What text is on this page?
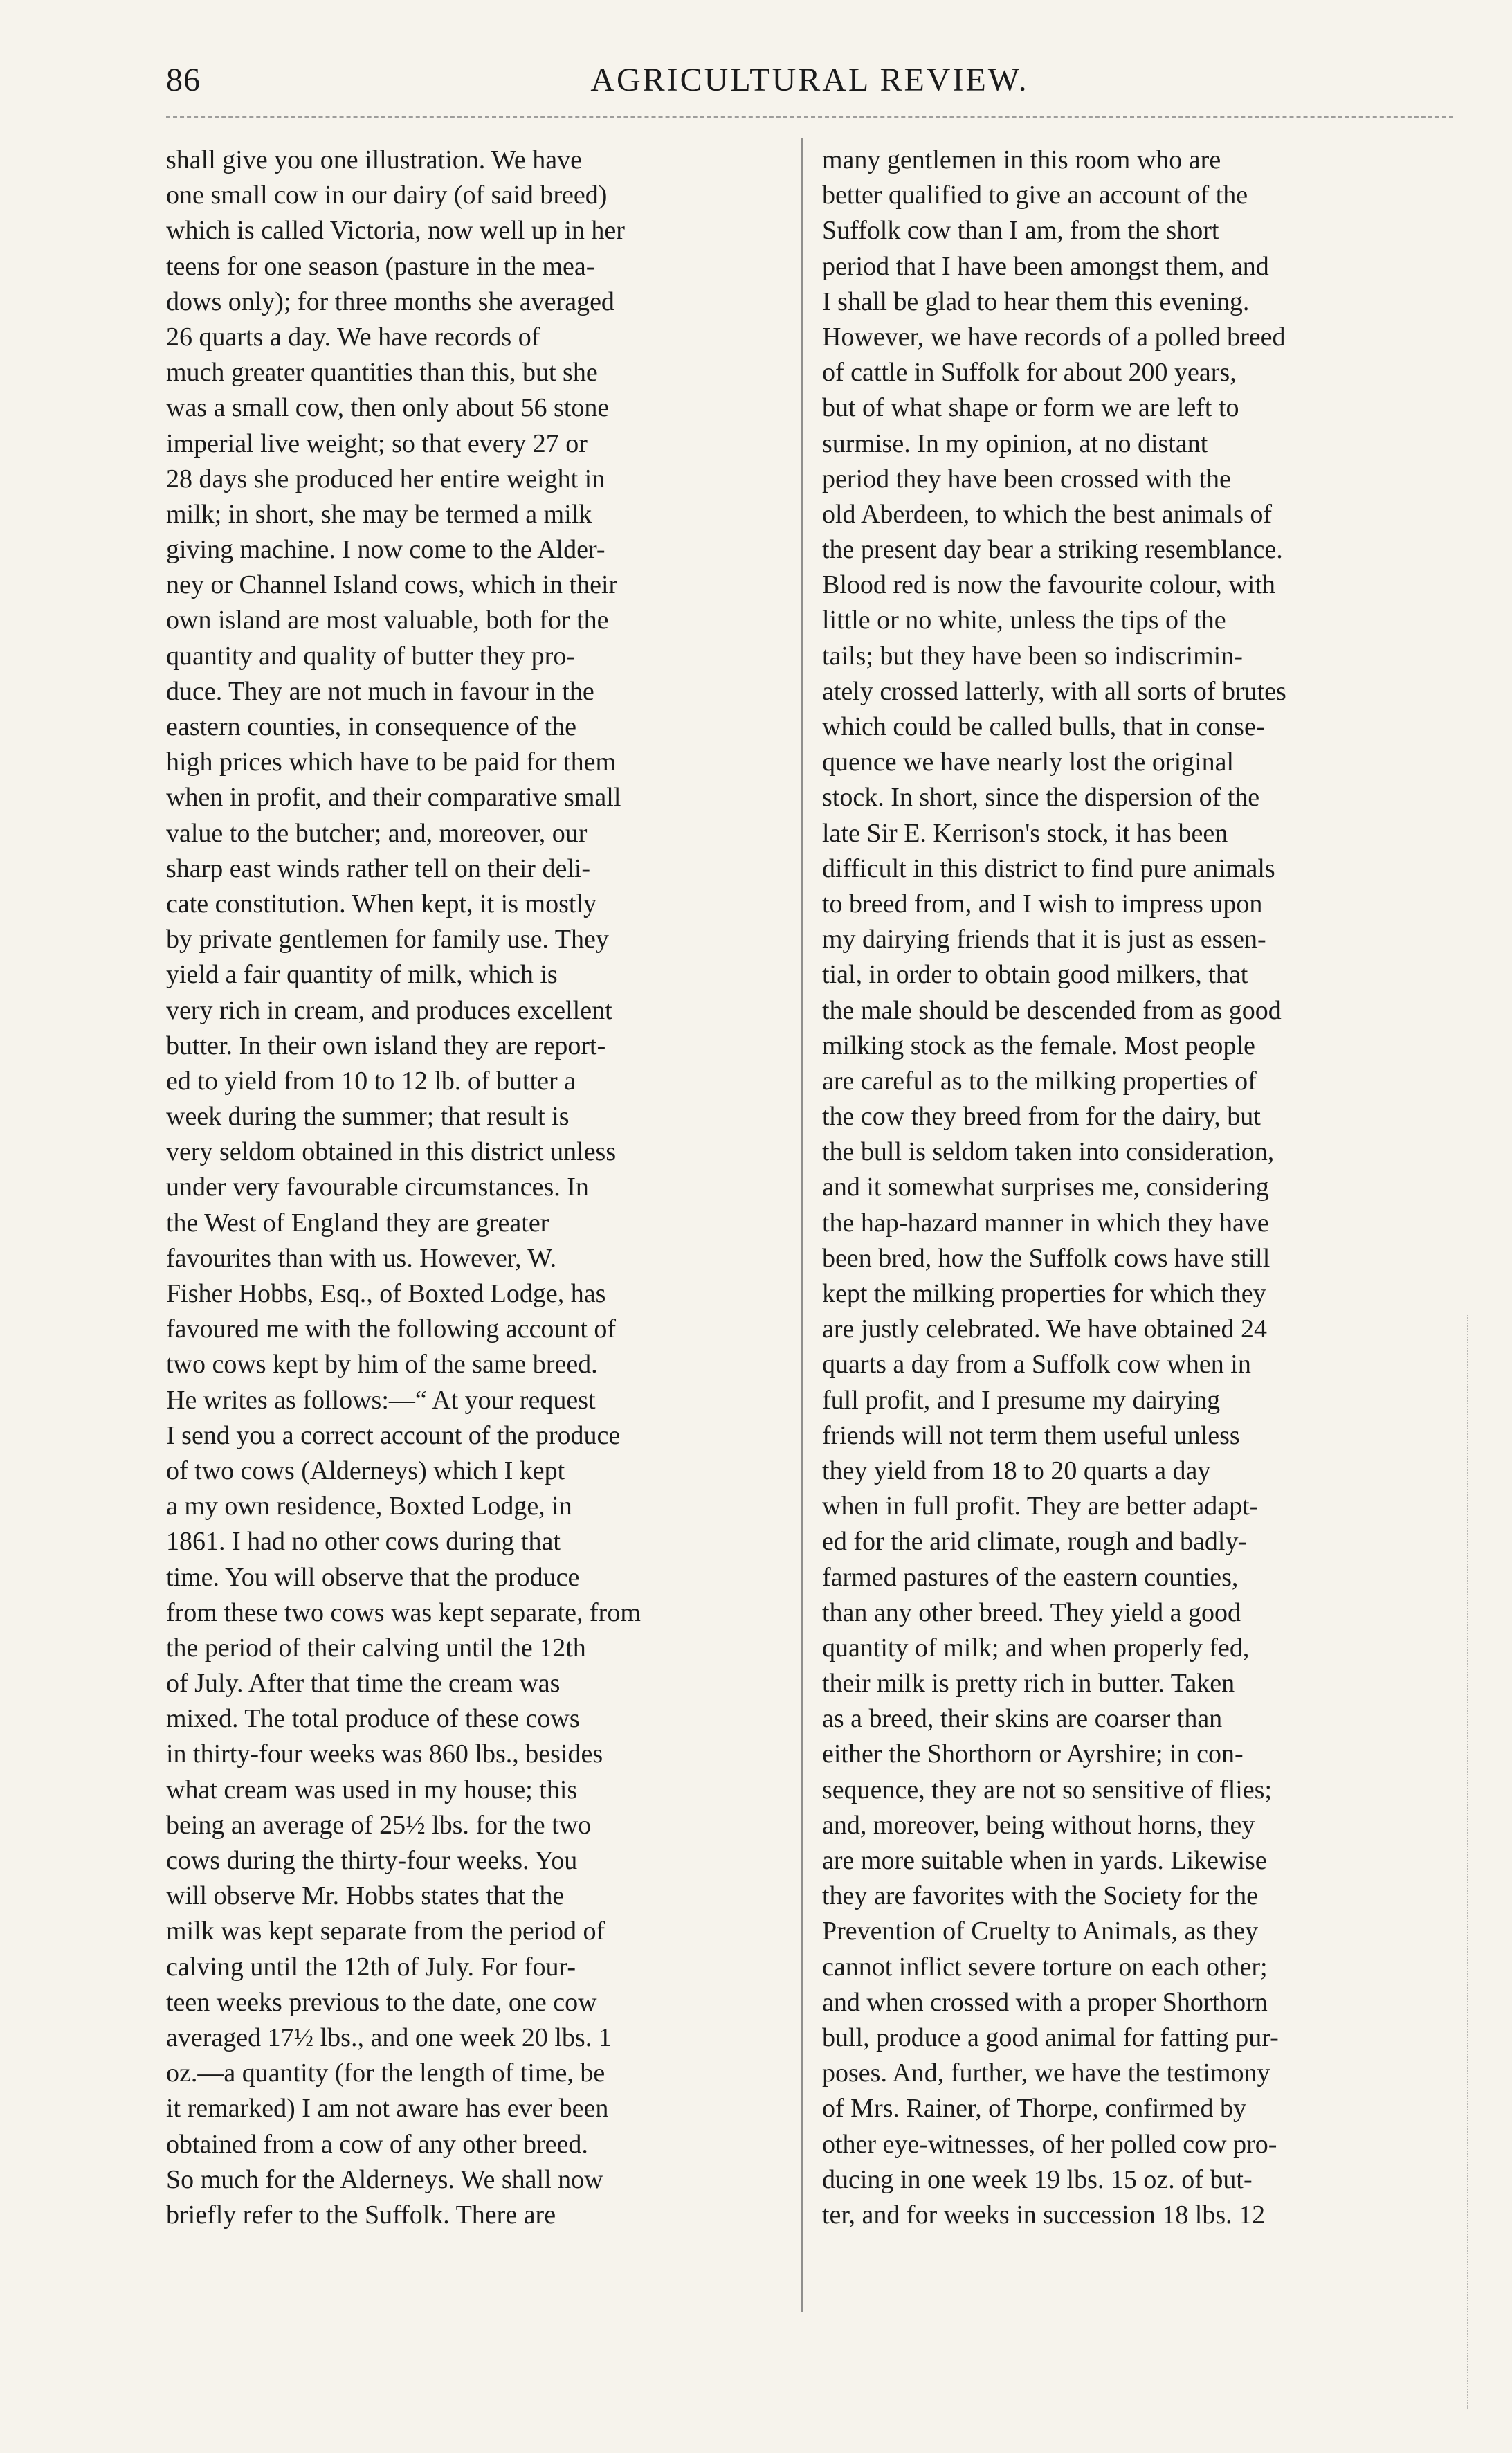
86	AGRICULTURAL REVIEW.
shall give you one illustration. We have
one small cow in our dairy (of said breed)
which is called Victoria, now well up in her
teens for one season (pasture in the mea-
dows only); for three months she averaged
26 quarts a day. We have records of
much greater quantities than this, but she
was a small cow, then only about 56 stone
imperial live weight; so that every 27 or
28 days she produced her entire weight in
milk; in short, she may be termed a milk
giving machine. I now come to the Alder-
ney or Channel Island cows, which in their
own island are most valuable, both for the
quantity and quality of butter they pro-
duce. They are not much in favour in the
eastern counties, in consequence of the
high prices which have to be paid for them
when in profit, and their comparative small
value to the butcher; and, moreover, our
sharp east winds rather tell on their deli-
cate constitution. When kept, it is mostly
by private gentlemen for family use. They
yield a fair quantity of milk, which is
very rich in cream, and produces excellent
butter. In their own island they are report-
ed to yield from 10 to 12 lb. of butter a
week during the summer; that result is
very seldom obtained in this district unless
under very favourable circumstances. In
the West of England they are greater
favourites than with us. However, W.
Fisher Hobbs, Esq., of Boxted Lodge, has
favoured me with the following account of
two cows kept by him of the same breed.
He writes as follows:—“ At your request
I send you a correct account of the produce
of two cows (Alderneys) which I kept
a my own residence, Boxted Lodge, in
1861. I had no other cows during that
time. You will observe that the produce
from these two cows was kept separate, from
the period of their calving until the 12th
of July. After that time the cream was
mixed. The total produce of these cows
in thirty-four weeks was 860 lbs., besides
what cream was used in my house; this
being an average of 25½ lbs. for the two
cows during the thirty-four weeks. You
will observe Mr. Hobbs states that the
milk was kept separate from the period of
calving until the 12th of July. For four-
teen weeks previous to the date, one cow
averaged 17½ lbs., and one week 20 lbs. 1
oz.—a quantity (for the length of time, be
it remarked) I am not aware has ever been
obtained from a cow of any other breed.
So much for the Alderneys. We shall now
briefly refer to the Suffolk. There are
many gentlemen in this room who are
better qualified to give an account of the
Suffolk cow than I am, from the short
period that I have been amongst them, and
I shall be glad to hear them this evening.
However, we have records of a polled breed
of cattle in Suffolk for about 200 years,
but of what shape or form we are left to
surmise. In my opinion, at no distant
period they have been crossed with the
old Aberdeen, to which the best animals of
the present day bear a striking resemblance.
Blood red is now the favourite colour, with
little or no white, unless the tips of the
tails; but they have been so indiscrimin-
ately crossed latterly, with all sorts of brutes
which could be called bulls, that in conse-
quence we have nearly lost the original
stock. In short, since the dispersion of the
late Sir E. Kerrison's stock, it has been
difficult in this district to find pure animals
to breed from, and I wish to impress upon
my dairying friends that it is just as essen-
tial, in order to obtain good milkers, that
the male should be descended from as good
milking stock as the female. Most people
are careful as to the milking properties of
the cow they breed from for the dairy, but
the bull is seldom taken into consideration,
and it somewhat surprises me, considering
the hap-hazard manner in which they have
been bred, how the Suffolk cows have still
kept the milking properties for which they
are justly celebrated. We have obtained 24
quarts a day from a Suffolk cow when in
full profit, and I presume my dairying
friends will not term them useful unless
they yield from 18 to 20 quarts a day
when in full profit. They are better adapt-
ed for the arid climate, rough and badly-
farmed pastures of the eastern counties,
than any other breed. They yield a good
quantity of milk; and when properly fed,
their milk is pretty rich in butter. Taken
as a breed, their skins are coarser than
either the Shorthorn or Ayrshire; in con-
sequence, they are not so sensitive of flies;
and, moreover, being without horns, they
are more suitable when in yards. Likewise
they are favorites with the Society for the
Prevention of Cruelty to Animals, as they
cannot inflict severe torture on each other;
and when crossed with a proper Shorthorn
bull, produce a good animal for fatting pur-
poses. And, further, we have the testimony
of Mrs. Rainer, of Thorpe, confirmed by
other eye-witnesses, of her polled cow pro-
ducing in one week 19 lbs. 15 oz. of but-
ter, and for weeks in succession 18 lbs. 12
